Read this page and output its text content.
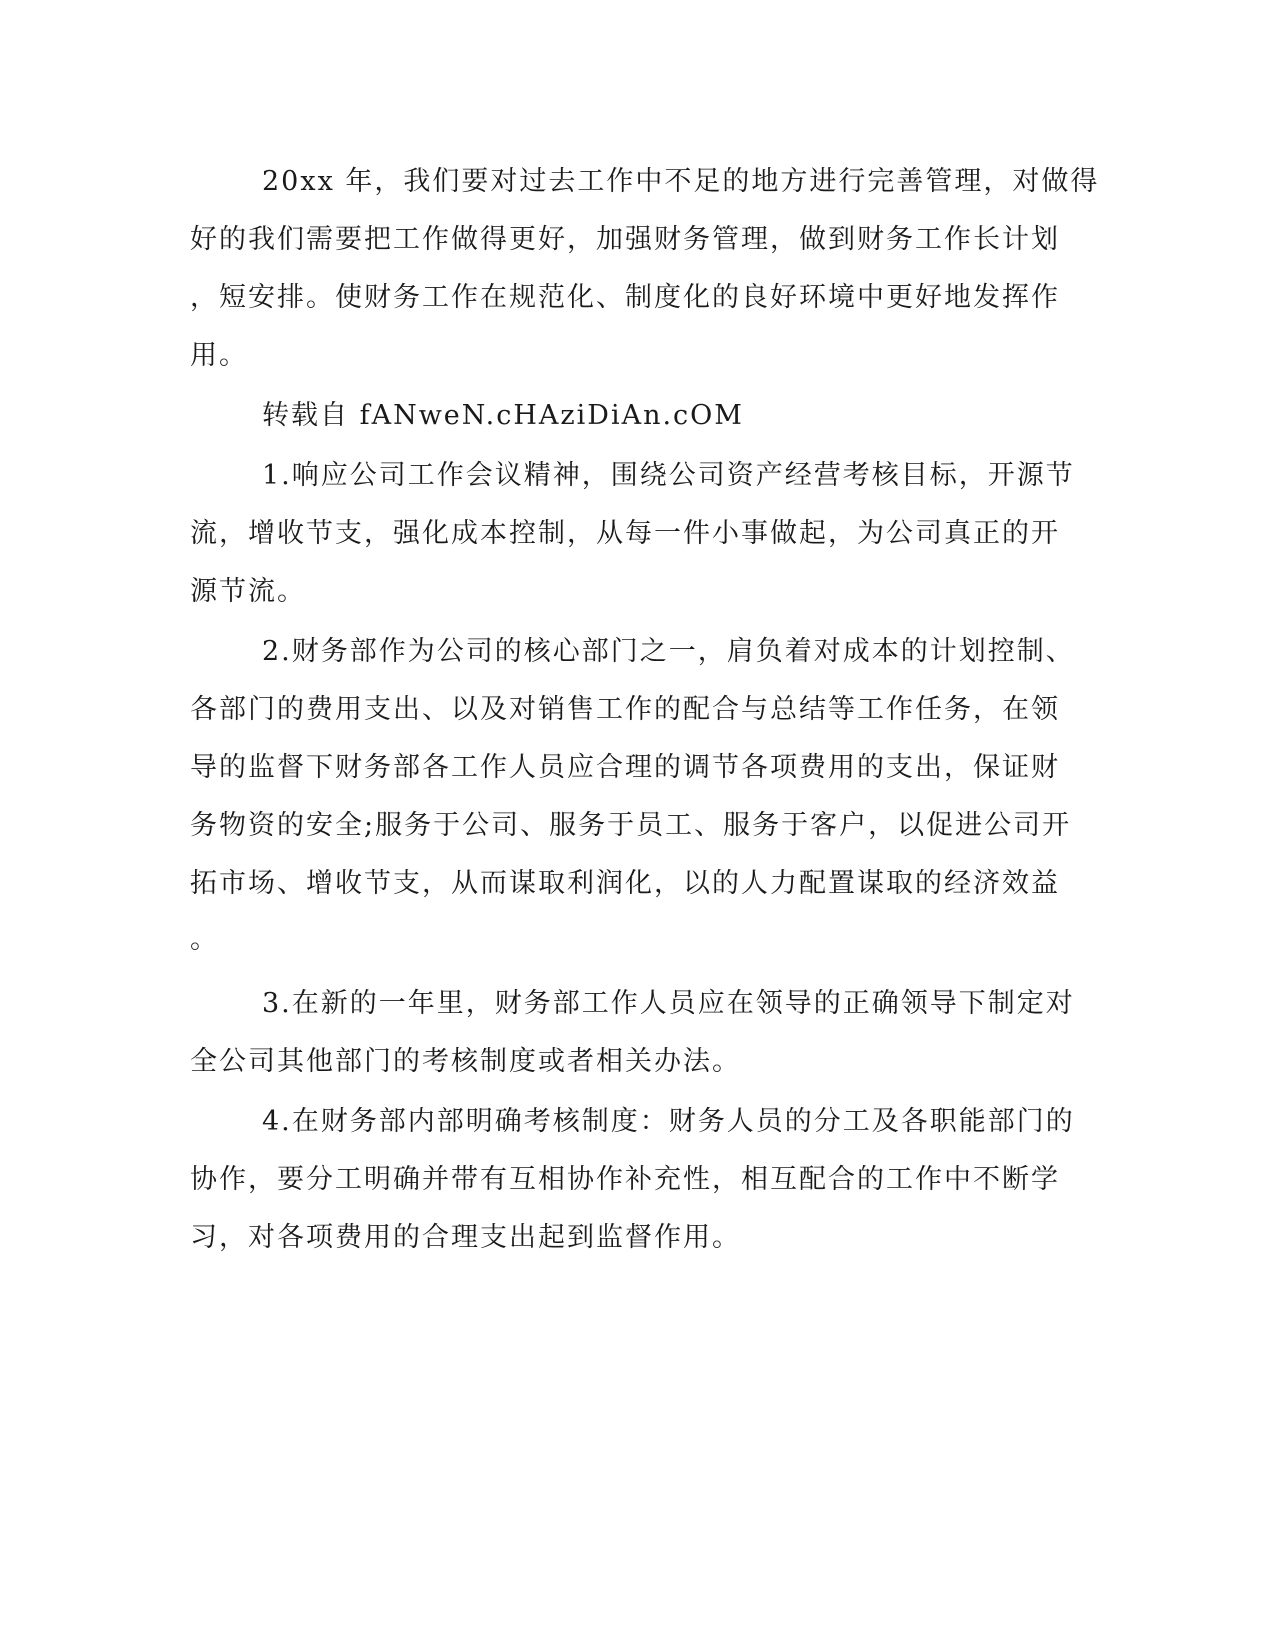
20xx 年，我们要对过去工作中不足的地方进行完善管理，对做得
好的我们需要把工作做得更好，加强财务管理，做到财务工作长计划
，短安排。使财务工作在规范化、制度化的良好环境中更好地发挥作
用。
转载自 fANweN.cHAziDiAn.cOM
1.响应公司工作会议精神，围绕公司资产经营考核目标，开源节
流，增收节支，强化成本控制，从每一件小事做起，为公司真正的开
源节流。
2.财务部作为公司的核心部门之一，肩负着对成本的计划控制、
各部门的费用支出、以及对销售工作的配合与总结等工作任务，在领
导的监督下财务部各工作人员应合理的调节各项费用的支出，保证财
务物资的安全;服务于公司、服务于员工、服务于客户，以促进公司开
拓市场、增收节支，从而谋取利润化，以的人力配置谋取的经济效益
。
3.在新的一年里，财务部工作人员应在领导的正确领导下制定对
全公司其他部门的考核制度或者相关办法。
4.在财务部内部明确考核制度：财务人员的分工及各职能部门的
协作，要分工明确并带有互相协作补充性，相互配合的工作中不断学
习，对各项费用的合理支出起到监督作用。
